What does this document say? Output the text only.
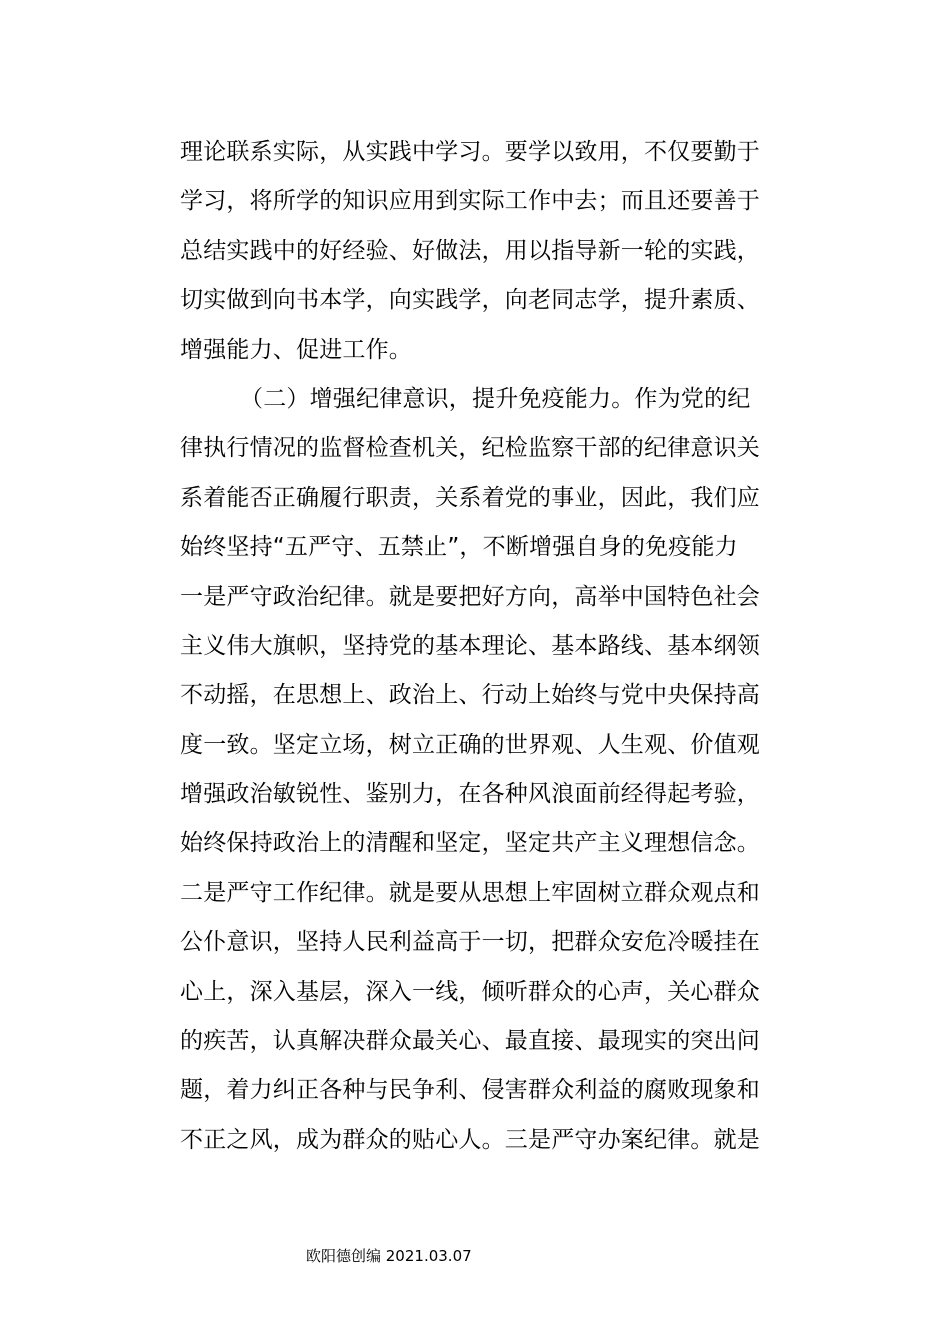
理论联系实际，从实践中学习。要学以致用，不仅要勤于
学习，将所学的知识应用到实际工作中去；而且还要善于
总结实践中的好经验、好做法，用以指导新一轮的实践，
切实做到向书本学，向实践学，向老同志学，提升素质、
增强能力、促进工作。
（二）增强纪律意识，提升免疫能力。作为党的纪
律执行情况的监督检查机关，纪检监察干部的纪律意识关
系着能否正确履行职责，关系着党的事业，因此，我们应
始终坚持“五严守、五禁止”，不断增强自身的免疫能力
一是严守政治纪律。就是要把好方向，高举中国特色社会
主义伟大旗帜，坚持党的基本理论、基本路线、基本纲领
不动摇，在思想上、政治上、行动上始终与党中央保持高
度一致。坚定立场，树立正确的世界观、人生观、价值观
增强政治敏锐性、鉴别力，在各种风浪面前经得起考验，
始终保持政治上的清醒和坚定，坚定共产主义理想信念。
二是严守工作纪律。就是要从思想上牢固树立群众观点和
公仆意识，坚持人民利益高于一切，把群众安危冷暖挂在
心上，深入基层，深入一线，倾听群众的心声，关心群众
的疾苦，认真解决群众最关心、最直接、最现实的突出问
题，着力纠正各种与民争利、侵害群众利益的腐败现象和
不正之风，成为群众的贴心人。三是严守办案纪律。就是
欧阳德创编 2021.03.07
